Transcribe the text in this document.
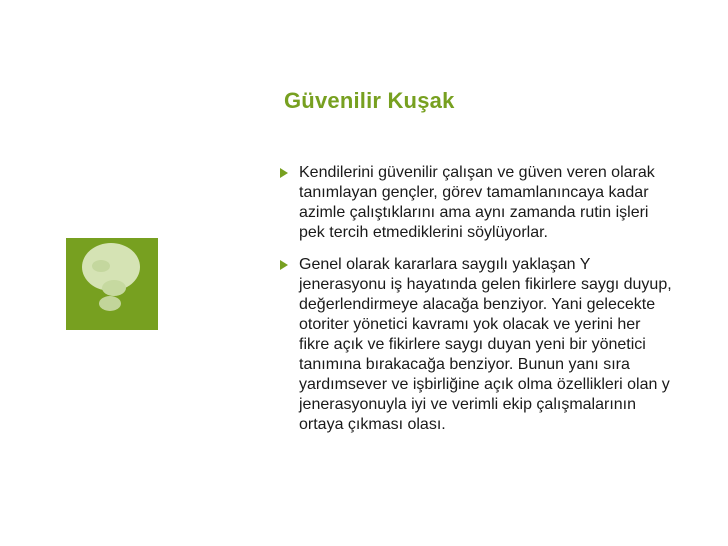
Güvenilir Kuşak
Kendilerini güvenilir çalışan ve güven veren olarak tanımlayan gençler, görev tamamlanıncaya kadar azimle çalıştıklarını ama aynı zamanda rutin işleri pek tercih etmediklerini söylüyorlar.
Genel olarak kararlara saygılı yaklaşan Y jenerasyonu iş hayatında gelen fikirlere saygı duyup, değerlendirmeye alacağa benziyor. Yani gelecekte otoriter yönetici kavramı yok olacak ve yerini her fikre açık ve fikirlere saygı duyan yeni bir yönetici tanımına bırakacağa benziyor. Bunun yanı sıra yardımsever ve işbirliğine açık olma özellikleri olan y jenerasyonuyla iyi ve verimli ekip çalışmalarının ortaya çıkması olası.
